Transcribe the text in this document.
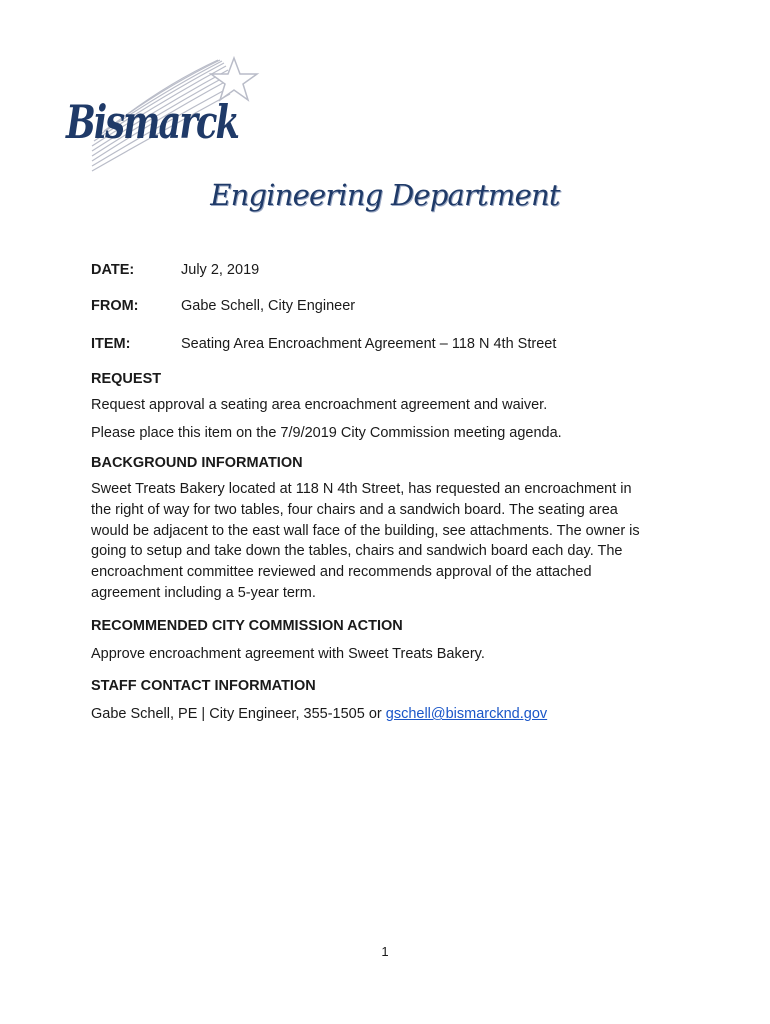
Bismarck
Engineering Department
DATE:	July 2, 2019
FROM:	Gabe Schell, City Engineer
ITEM:	Seating Area Encroachment Agreement – 118 N 4th Street
REQUEST
Request approval a seating area encroachment agreement and waiver.
Please place this item on the 7/9/2019 City Commission meeting agenda.
BACKGROUND INFORMATION

Sweet Treats Bakery located at 118 N 4th Street, has requested an encroachment in

the right of way for two tables, four chairs and a sandwich board. The seating area

would be adjacent to the east wall face of the building, see attachments. The owner is

going to setup and take down the tables, chairs and sandwich board each day. The

encroachment committee reviewed and recommends approval of the attached

agreement including a 5-year term.

RECOMMENDED CITY COMMISSION ACTION
Approve encroachment agreement with Sweet Treats Bakery.
STAFF CONTACT INFORMATION
Gabe Schell, PE | City Engineer, 355-1505 or gschell@bismarcknd.gov
1
